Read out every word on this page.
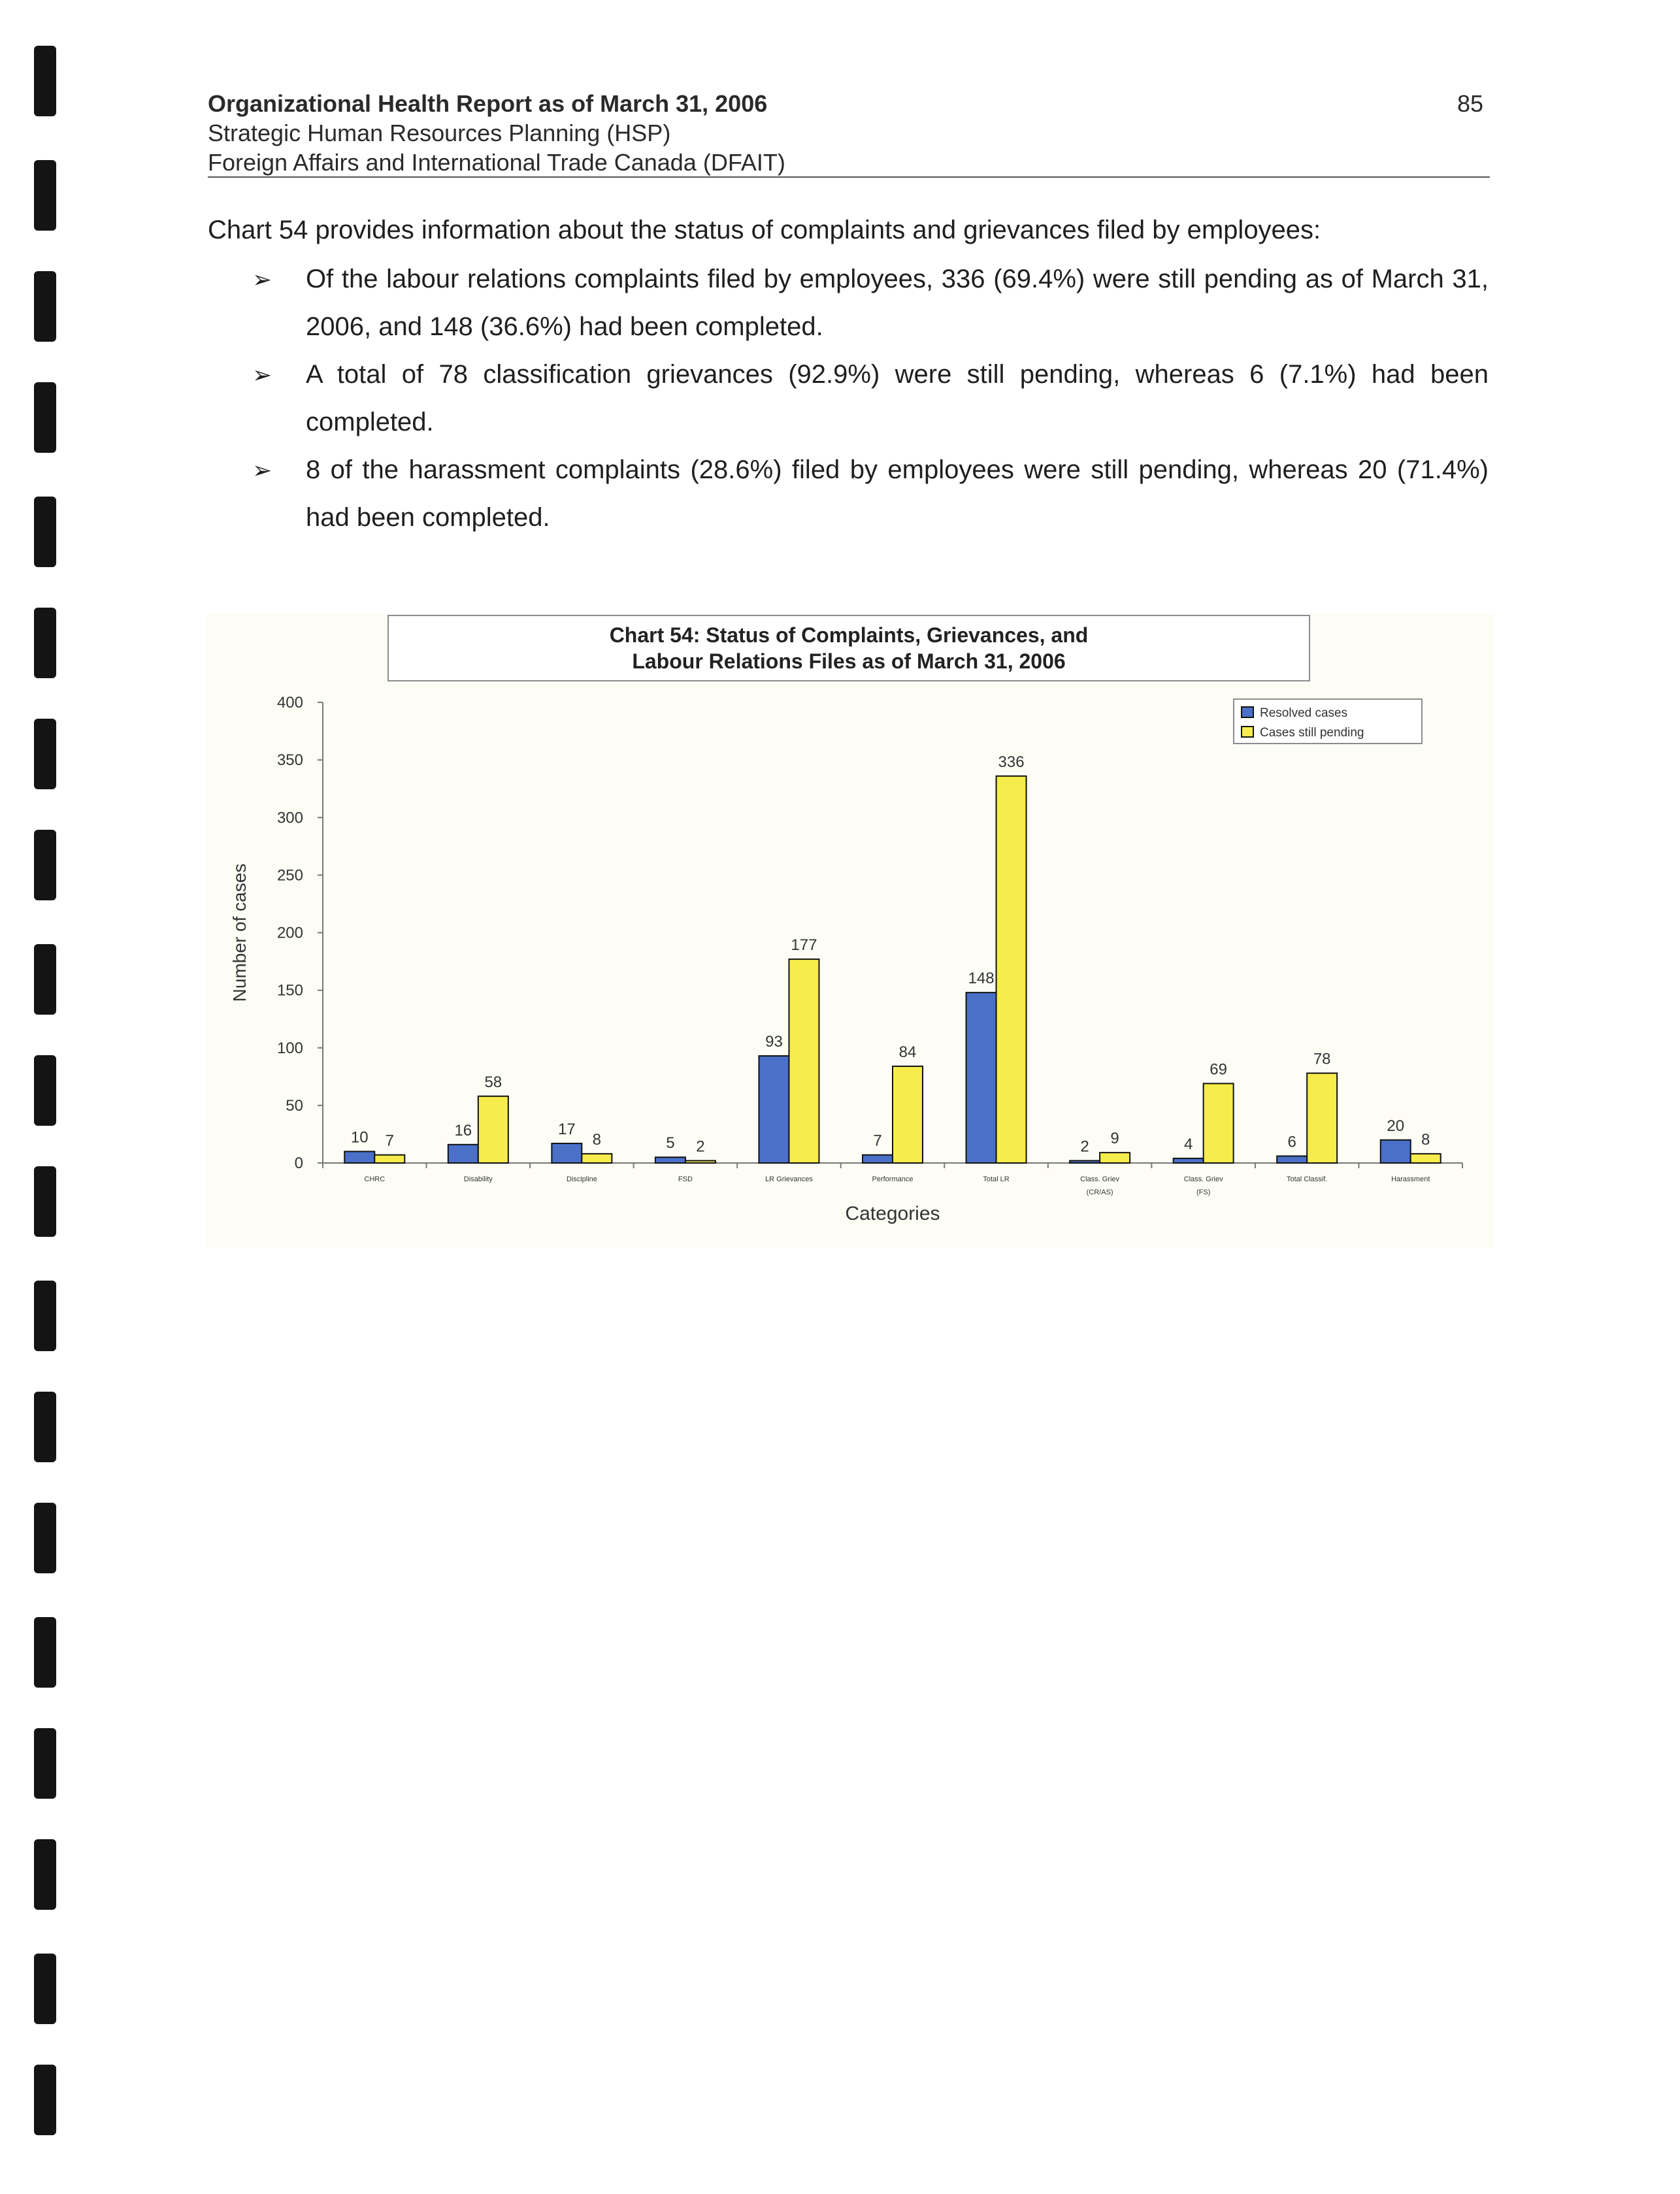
Organizational Health Report as of March 31, 2006
Strategic Human Resources Planning (HSP)
Foreign Affairs and International Trade Canada (DFAIT)
85

Chart 54 provides information about the status of complaints and grievances filed by employees:

➢ Of the labour relations complaints filed by employees, 336 (69.4%) were still pending as of March 31, 2006, and 148 (36.6%) had been completed.
➢ A total of 78 classification grievances (92.9%) were still pending, whereas 6 (7.1%) had been completed.
➢ 8 of the harassment complaints (28.6%) filed by employees were still pending, whereas 20 (71.4%) had been completed.
Chart 54: Status of Complaints, Grievances, and
Labour Relations Files as of March 31, 2006
0
50
100
150
200
250
300
350
400
Number of cases
CHRC
10 7
Disability
16
58
Discipline
17
8
FSD
5 2
LR Grievances
93
177
Performance
7
84
Total LR
148
336
Class. Griev
(CR/AS)
2 9
Class. Griev
(FS)
4
69
Total Classif.
6
78
Harassment
20
8
Categories
Resolved cases
Cases still pending
